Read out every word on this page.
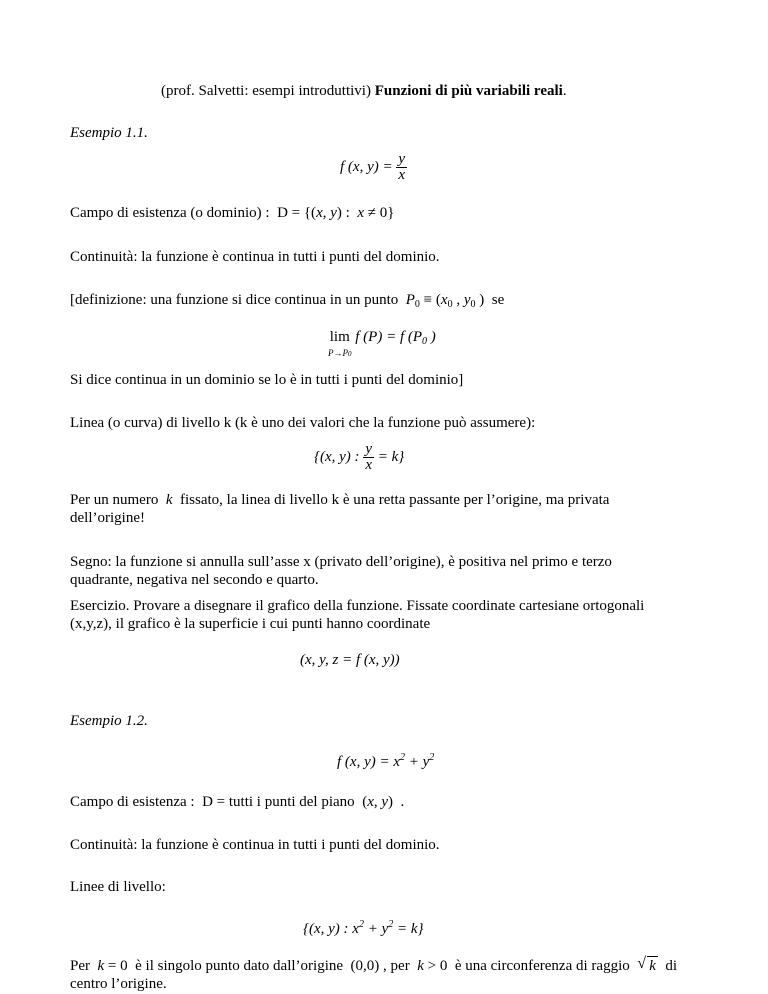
(prof. Salvetti: esempi introduttivi) Funzioni di più variabili reali.
Esempio 1.1.
f (x, $y) = \frac{y}{x}$
Campo di esistenza (o dominio) :  D = {(x, y) :  x ≠ 0}
Continuità: la funzione è continua in tutti i punti del dominio.
[definizione: una funzione si dice continua in un punto $P_0 \equiv (x_0$ , $y_0$ )  se
lim
P→P0 f (P) = f ($P_0$ )
Si dice continua in un dominio se lo è in tutti i punti del dominio]
Linea (o curva) di livello k (k è uno dei valori che la funzione può assumere):
{(x, y) : $\frac{y}{x} = k$}

Per un numero  k  fissato, la linea di livello k è una retta passante per l’origine, ma privata
dell’origine!

Segno: la funzione si annulla sull’asse x (privato dell’origine), è positiva nel primo e terzo
quadrante, negativa nel secondo e quarto.

Esercizio. Provare a disegnare il grafico della funzione. Fissate coordinate cartesiane ortogonali
(x,y,z), il grafico è la superficie i cui punti hanno coordinate

(x, y, z = f (x, y))
Esempio 1.2.
f (x, $y) = x^2 + y^2$
Campo di esistenza : D = tutti i punti del piano  (x, y)  .
Continuità: la funzione è continua in tutti i punti del dominio.
Linee di livello:
{(x, y) : $x^2 + y^2 = k$}

Per  k = 0  è il singolo punto dato dall’origine  (0,0) , per  k > 0  è una circonferenza di raggio  √ k di
centro l’origine.
